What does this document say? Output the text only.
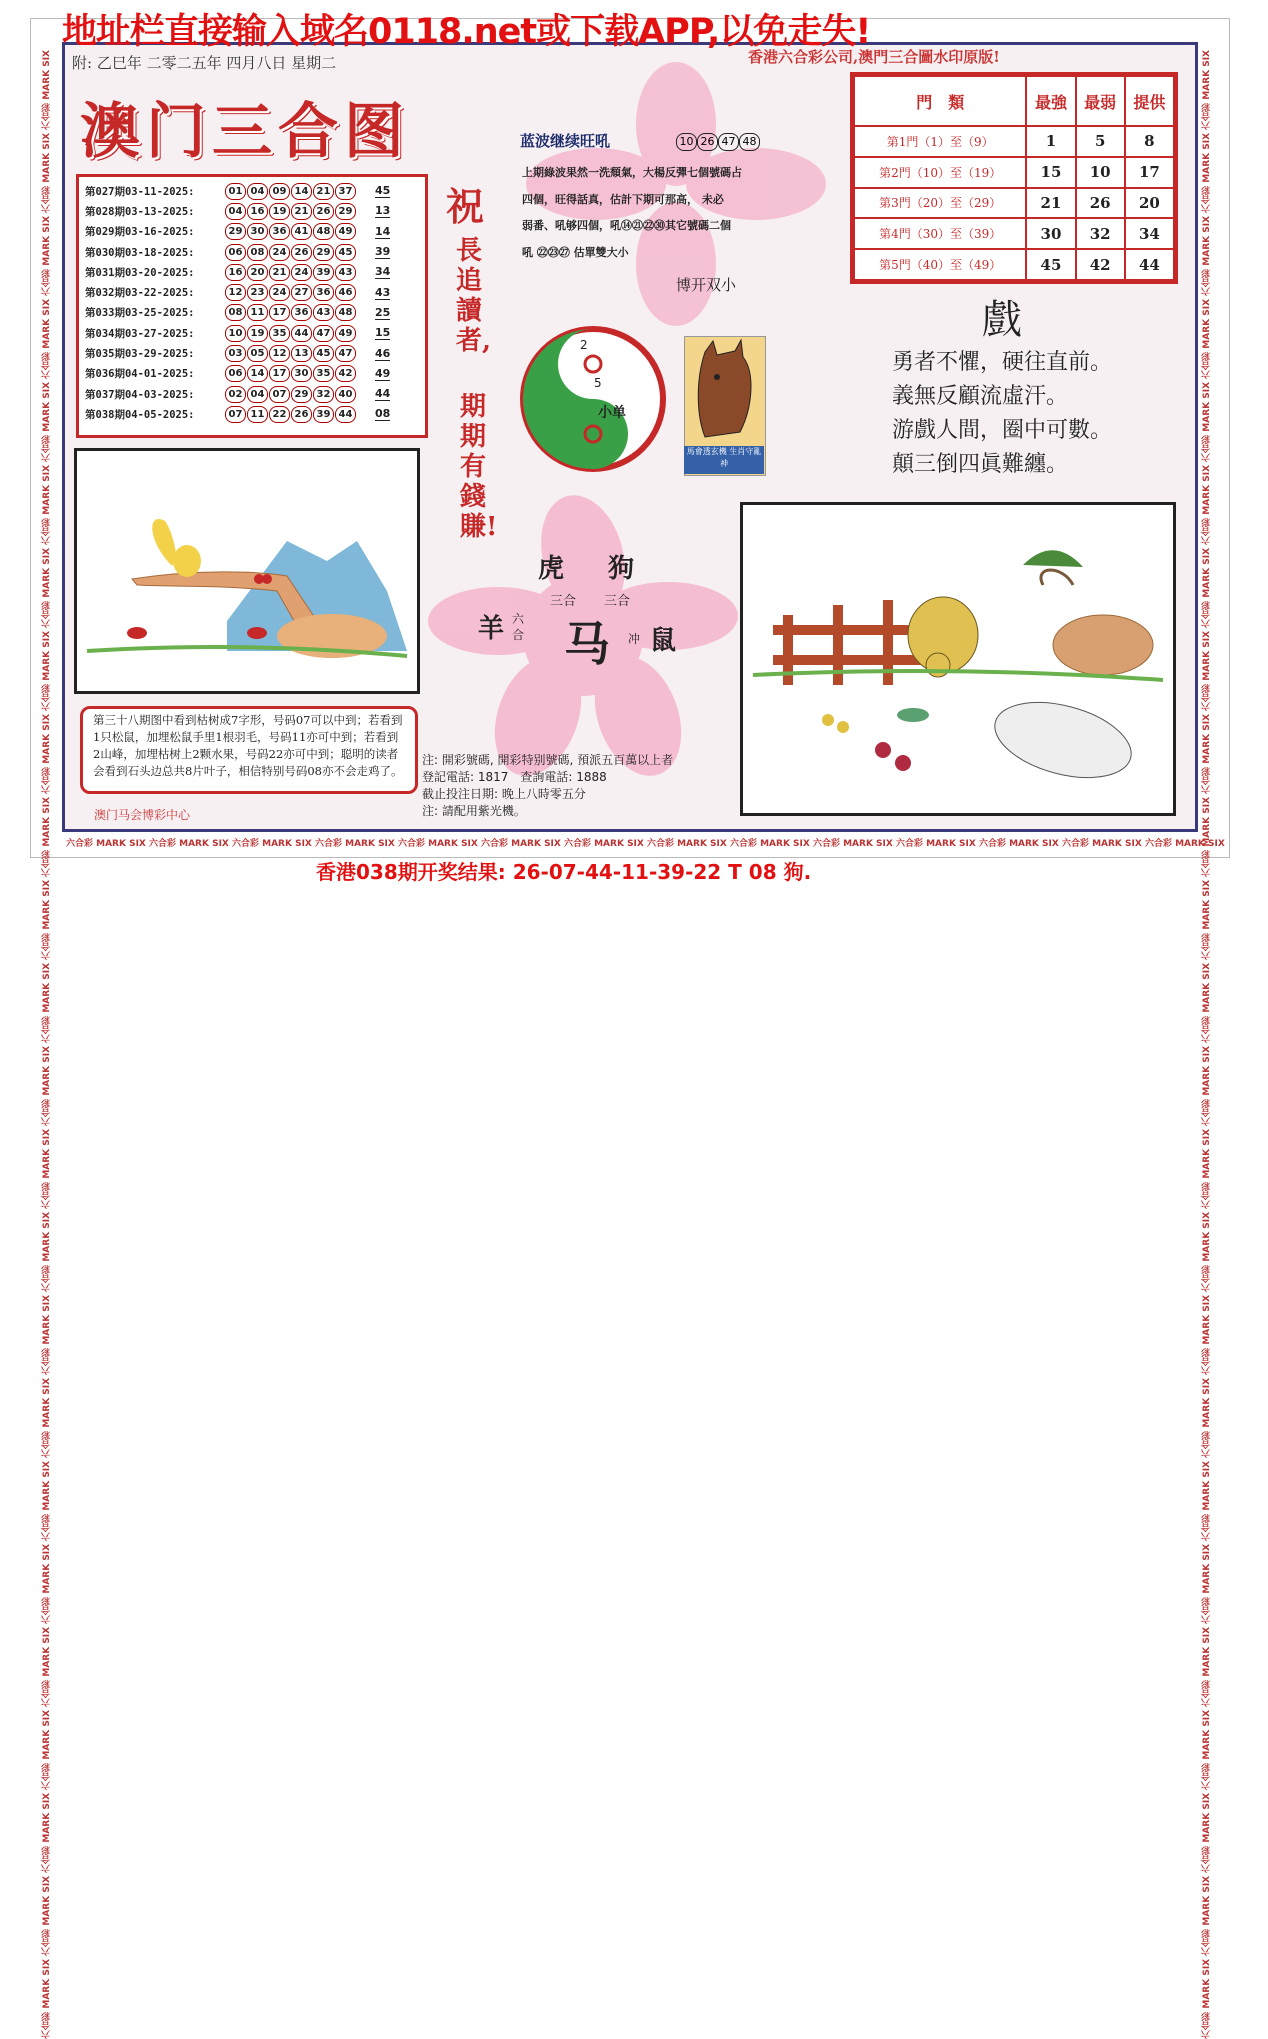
六合彩 MARK SIX 六合彩 MARK SIX 六合彩 MARK SIX 六合彩 MARK SIX 六合彩 MARK SIX 六合彩 MARK SIX 六合彩 MARK SIX 六合彩 MARK SIX 六合彩 MARK SIX 六合彩 MARK SIX 六合彩 MARK SIX 六合彩 MARK SIX 六合彩 MARK SIX 六合彩 MARK SIX 六合彩 MARK SIX 六合彩 MARK SIX 六合彩 MARK SIX 六合彩 MARK SIX 六合彩 MARK SIX 六合彩 MARK SIX 六合彩 MARK SIX 六合彩 MARK SIX 六合彩 MARK SIX 六合彩 MARK SIX	六合彩 MARK SIX 六合彩 MARK SIX 六合彩 MARK SIX 六合彩 MARK SIX 六合彩 MARK SIX 六合彩 MARK SIX 六合彩 MARK SIX 六合彩 MARK SIX 六合彩 MARK SIX 六合彩 MARK SIX 六合彩 MARK SIX 六合彩 MARK SIX 六合彩 MARK SIX 六合彩 MARK SIX 六合彩 MARK SIX 六合彩 MARK SIX 六合彩 MARK SIX 六合彩 MARK SIX 六合彩 MARK SIX 六合彩 MARK SIX 六合彩 MARK SIX 六合彩 MARK SIX 六合彩 MARK SIX 六合彩 MARK SIX
六合彩 MARK SIX 六合彩 MARK SIX 六合彩 MARK SIX 六合彩 MARK SIX 六合彩 MARK SIX 六合彩 MARK SIX 六合彩 MARK SIX 六合彩 MARK SIX 六合彩 MARK SIX 六合彩 MARK SIX 六合彩 MARK SIX 六合彩 MARK SIX 六合彩 MARK SIX 六合彩 MARK SIX
地址栏直接输入域名0118.net或下载APP,以免走失!
附: 乙巳年 二零二五年 四月八日 星期二	香港六合彩公司,澳門三合圖水印原版!
澳门三合图
第027期03-11-2025:	01 04 09 14 21 37	45
第028期03-13-2025:	04 16 19 21 26 29	13
第029期03-16-2025:	29 30 36 41 48 49	14
第030期03-18-2025:	06 08 24 26 29 45	39
第031期03-20-2025:	16 20 21 24 39 43	34
第032期03-22-2025:	12 23 24 27 36 46	43
第033期03-25-2025:	08 11 17 36 43 48	25
第034期03-27-2025:	10 19 35 44 47 49	15
第035期03-29-2025:	03 05 12 13 45 47	46
第036期04-01-2025:	06 14 17 30 35 42	49
第037期04-03-2025:	02 04 07 29 32 40	44
第038期04-05-2025:	07 11 22 26 39 44	08
祝
長追讀者,
期期有錢賺!
第三十八期图中看到枯树成7字形，号码07可以中到；若看到1只松鼠，加埋松鼠手里1根羽毛，号码11亦可中到；若看到2山峰，加埋枯树上2颗水果，号码22亦可中到；聪明的读者会看到石头边总共8片叶子，相信特别号码08亦不会走鸡了。
澳门马会博彩中心
蓝波继续旺吼	10 26 47 48
上期綠波果然一洗頹氣，大楊反彈七個號碼占
四個，旺得話真，估計下期可那高， 未必
弱番、吼够四個，吼⑭㉑㉒㉚其它號碼二個
吼 ㉒㉓㉗ 估單雙大小
博开双小
2
5
小单
馬會透玄機 生肖守亂神
虎 狗
三合 三合
羊 六
合 马 冲 鼠
門　類	最強	最弱	提供
第1門（1）至（9）	1	5	8
第2門（10）至（19）	15	10	17
第3門（20）至（29）	21	26	20
第4門（30）至（39）	30	32	34
第5門（40）至（49）	45	42	44
戲
勇者不懼，硬往直前。
義無反顧流虛汗。
游戲人間，圈中可數。
顛三倒四眞難纏。
注: 開彩號碼, 開彩特别號碼, 預派五百萬以上者
登記電話: 1817　查詢電話: 1888
截止投注日期: 晚上八時零五分
注: 請配用紫光機。
香港038期开奖结果: 26-07-44-11-39-22 T 08 狗.
